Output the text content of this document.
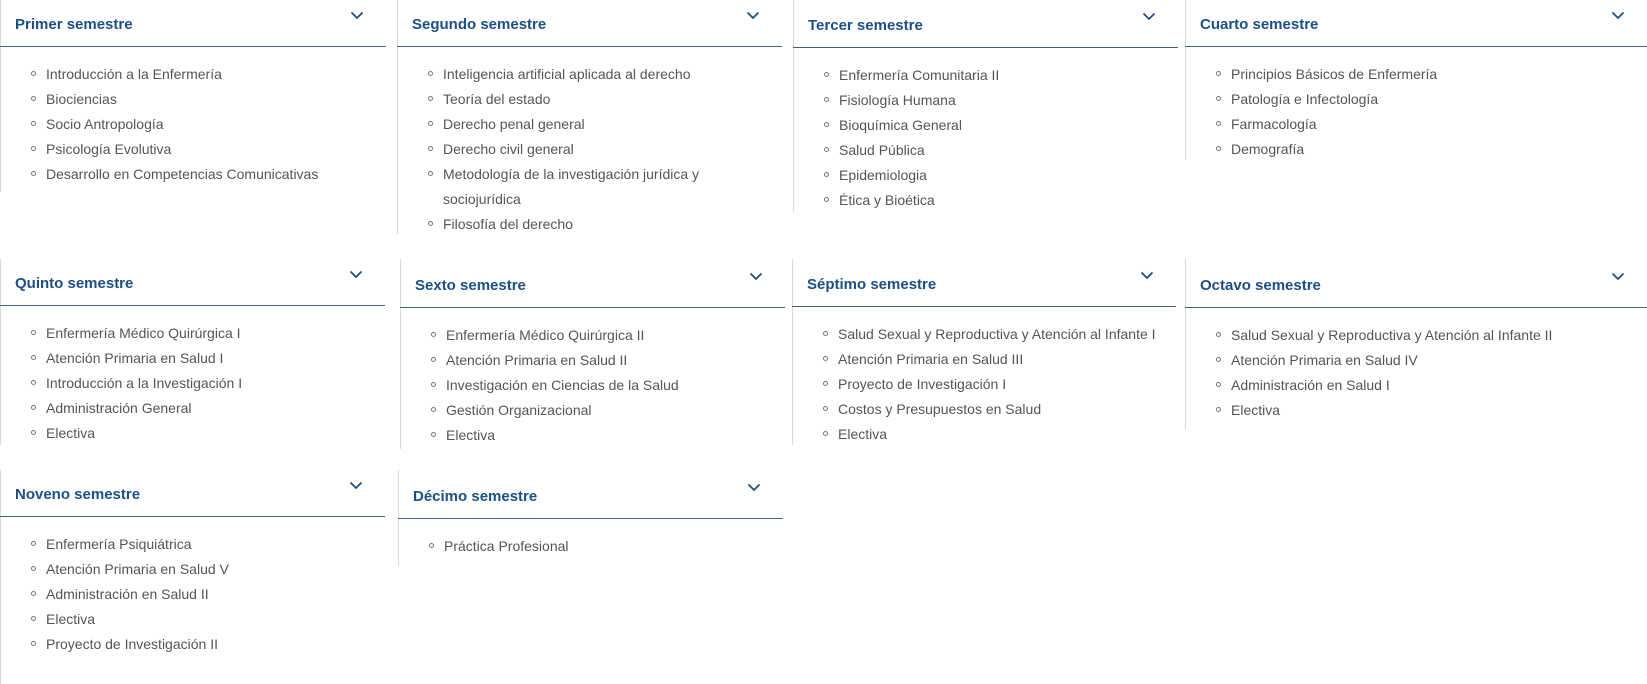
Primer semestre
Introducción a la Enfermería
Biociencias
Socio Antropología
Psicología Evolutiva
Desarrollo en Competencias Comunicativas
Segundo semestre
Inteligencia artificial aplicada al derecho
Teoría del estado
Derecho penal general
Derecho civil general
Metodología de la investigación jurídica y sociojurídica
Filosofía del derecho
Tercer semestre
Enfermería Comunitaria II
Fisiología Humana
Bioquímica General
Salud Pública
Epidemiologia
Ética y Bioética
Cuarto semestre
Principios Básicos de Enfermería
Patología e Infectología
Farmacología
Demografía
Quinto semestre
Enfermería Médico Quirúrgica I
Atención Primaria en Salud I
Introducción a la Investigación I
Administración General
Electiva
Sexto semestre
Enfermería Médico Quirúrgica II
Atención Primaria en Salud II
Investigación en Ciencias de la Salud
Gestión Organizacional
Electiva
Séptimo semestre
Salud Sexual y Reproductiva y Atención al Infante I
Atención Primaria en Salud III
Proyecto de Investigación I
Costos y Presupuestos en Salud
Electiva
Octavo semestre
Salud Sexual y Reproductiva y Atención al Infante II
Atención Primaria en Salud IV
Administración en Salud I
Electiva
Noveno semestre
Enfermería Psiquiátrica
Atención Primaria en Salud V
Administración en Salud II
Electiva
Proyecto de Investigación II
Décimo semestre
Práctica Profesional
